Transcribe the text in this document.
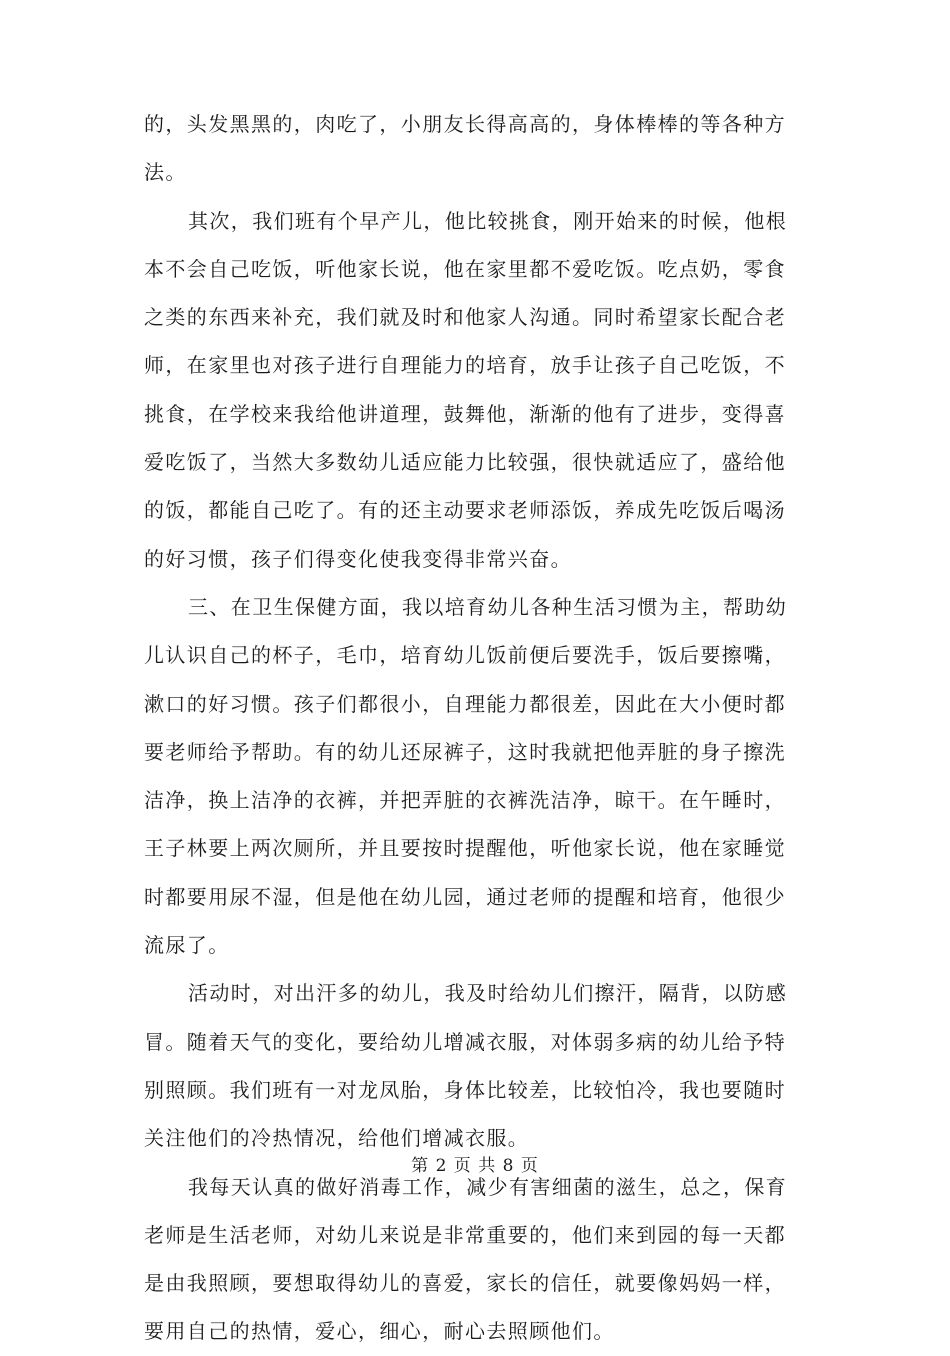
的，头发黑黑的，肉吃了，小朋友长得高高的，身体棒棒的等各种方
法。
其次，我们班有个早产儿，他比较挑食，刚开始来的时候，他根
本不会自己吃饭，听他家长说，他在家里都不爱吃饭。吃点奶，零食
之类的东西来补充，我们就及时和他家人沟通。同时希望家长配合老
师，在家里也对孩子进行自理能力的培育，放手让孩子自己吃饭，不
挑食，在学校来我给他讲道理，鼓舞他，渐渐的他有了进步，变得喜
爱吃饭了，当然大多数幼儿适应能力比较强，很快就适应了，盛给他
的饭，都能自己吃了。有的还主动要求老师添饭，养成先吃饭后喝汤
的好习惯，孩子们得变化使我变得非常兴奋。
三、在卫生保健方面，我以培育幼儿各种生活习惯为主，帮助幼
儿认识自己的杯子，毛巾，培育幼儿饭前便后要洗手，饭后要擦嘴，
漱口的好习惯。孩子们都很小，自理能力都很差，因此在大小便时都
要老师给予帮助。有的幼儿还尿裤子，这时我就把他弄脏的身子擦洗
洁净，换上洁净的衣裤，并把弄脏的衣裤洗洁净，晾干。在午睡时，
王子林要上两次厕所，并且要按时提醒他，听他家长说，他在家睡觉
时都要用尿不湿，但是他在幼儿园，通过老师的提醒和培育，他很少
流尿了。
活动时，对出汗多的幼儿，我及时给幼儿们擦汗，隔背，以防感
冒。随着天气的变化，要给幼儿增减衣服，对体弱多病的幼儿给予特
别照顾。我们班有一对龙凤胎，身体比较差，比较怕冷，我也要随时
关注他们的冷热情况，给他们增减衣服。
我每天认真的做好消毒工作，减少有害细菌的滋生，总之，保育
老师是生活老师，对幼儿来说是非常重要的，他们来到园的每一天都
是由我照顾，要想取得幼儿的喜爱，家长的信任，就要像妈妈一样，
要用自己的热情，爱心，细心，耐心去照顾他们。
第 2 页 共 8 页
